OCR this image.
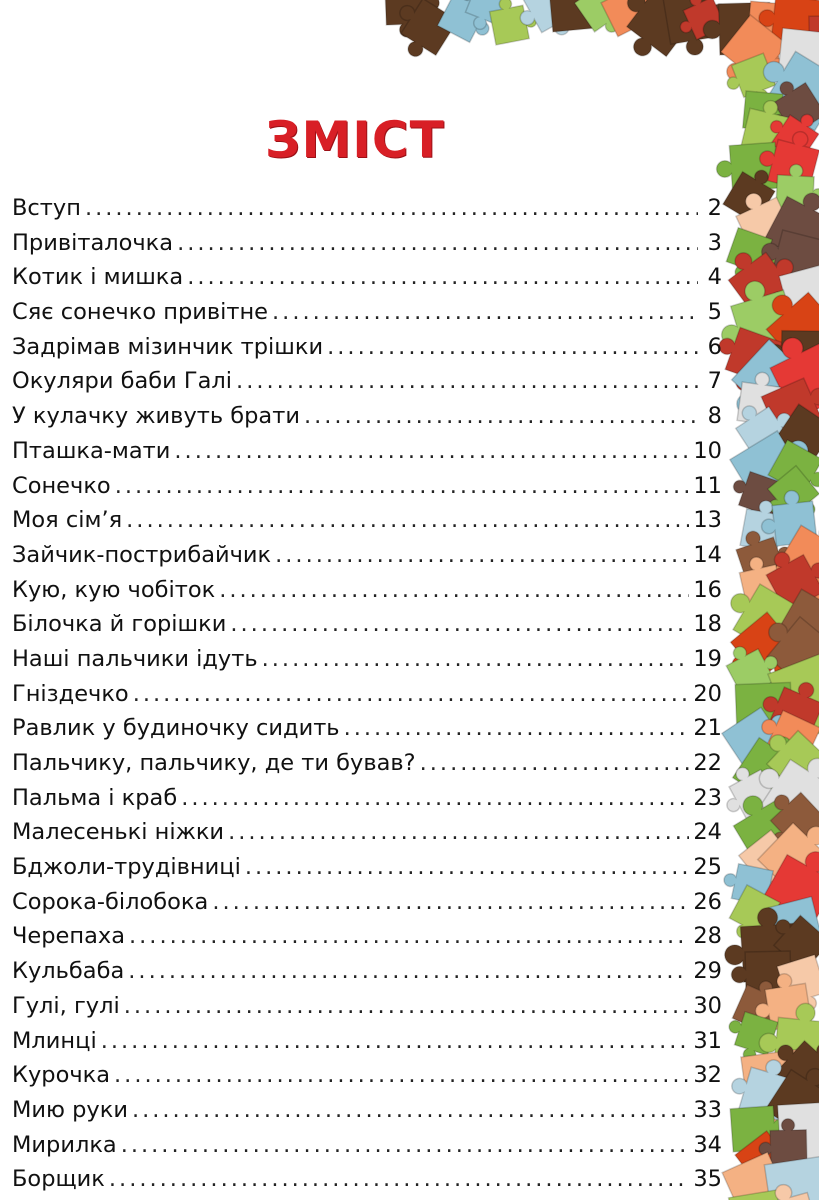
ЗМІСТ
Вступ .....	2
Привіталочка .....	3
Котик і мишка .....	4
Сяє сонечко привітне .....	5
Задрімав мізинчик трішки .....	6
Окуляри баби Галі .....	7
У кулачку живуть брати .....	8
Пташка-мати .....	10
Сонечко .....	11
Моя сім’я .....	13
Зайчик-пострибайчик .....	14
Кую, кую чобіток .....	16
Білочка й горішки .....	18
Наші пальчики ідуть .....	19
Гніздечко .....	20
Равлик у будиночку сидить .....	21
Пальчику, пальчику, де ти бував? .....	22
Пальма і краб .....	23
Малесенькі ніжки .....	24
Бджоли-трудівниці .....	25
Сорока-білобока .....	26
Черепаха .....	28
Кульбаба .....	29
Гулі, гулі .....	30
Млинці .....	31
Курочка .....	32
Мию руки .....	33
Мирилка .....	34
Борщик .....	35
